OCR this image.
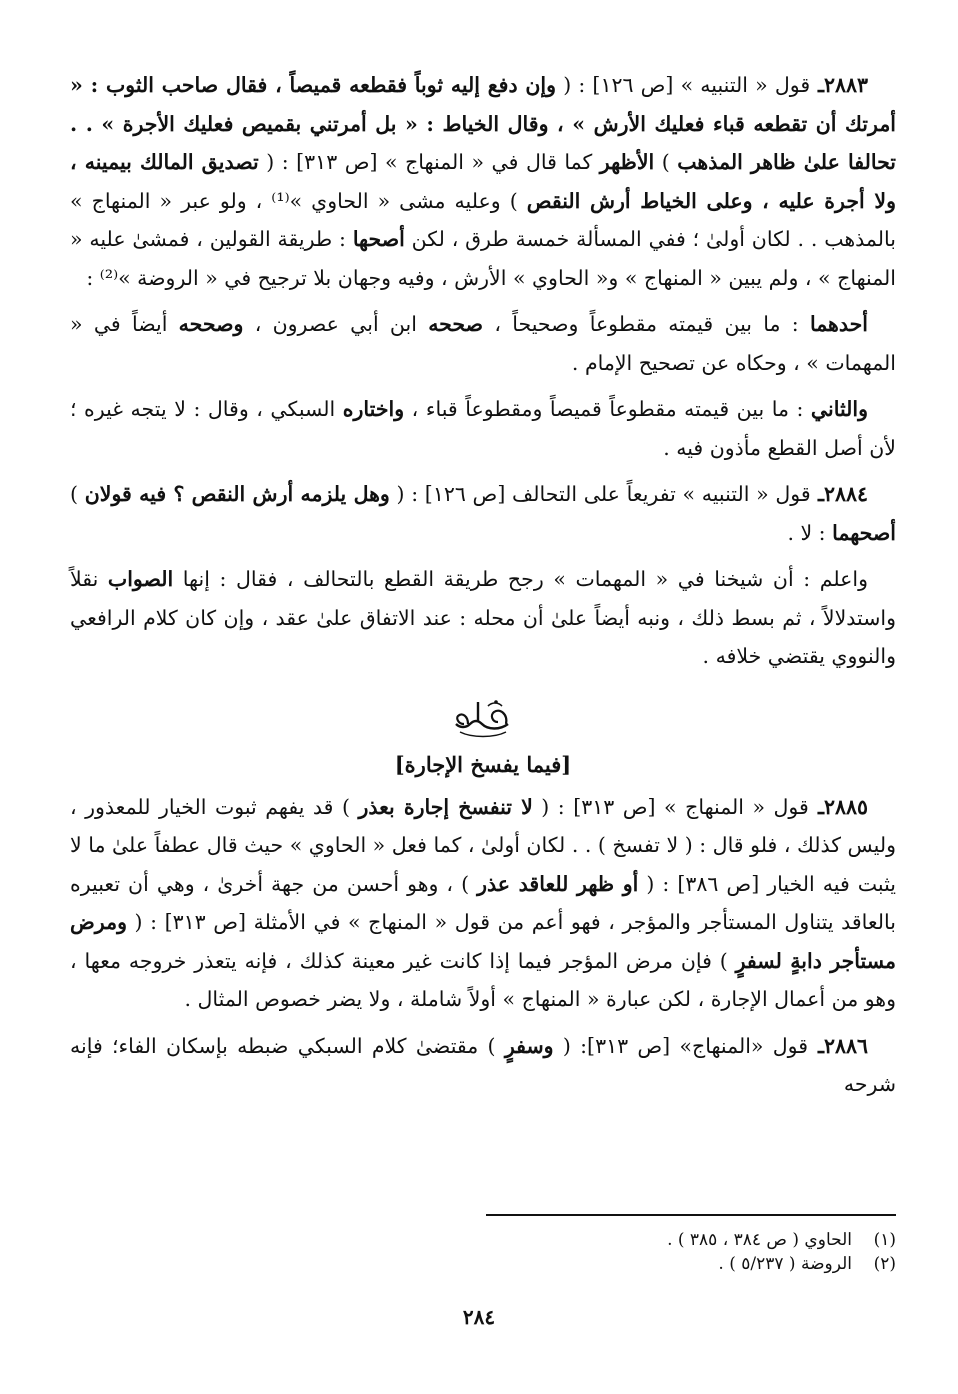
٢٨٨٣ـ قول « التنبيه » [ص ١٢٦] : ( وإن دفع إليه ثوباً فقطعه قميصاً ، فقال صاحب الثوب : « أمرتك أن تقطعه قباء فعليك الأرش » ، وقال الخياط : « بل أمرتني بقميص فعليك الأجرة » . . تحالفا علىٰ ظاهر المذهب ) الأظهر كما قال في « المنهاج » [ص ٣١٣] : ( تصديق المالك بيمينه ، ولا أجرة عليه ، وعلى الخياط أرش النقص ) وعليه مشى « الحاوي »⁽¹⁾ ، ولو عبر « المنهاج » بالمذهب . . لكان أولىٰ ؛ ففي المسألة خمسة طرق ، لكن أصحها : طريقة القولين ، فمشىٰ عليه « المنهاج » ، ولم يبين « المنهاج » و« الحاوي » الأرش ، وفيه وجهان بلا ترجيح في « الروضة »⁽²⁾ :

أحدهما : ما بين قيمته مقطوعاً وصحيحاً ، صححه ابن أبي عصرون ، وصححه أيضاً في « المهمات » ، وحكاه عن تصحيح الإمام .

والثاني : ما بين قيمته مقطوعاً قميصاً ومقطوعاً قباء ، واختاره السبكي ، وقال : لا يتجه غيره ؛ لأن أصل القطع مأذون فيه .

٢٨٨٤ـ قول « التنبيه » تفريعاً على التحالف [ص ١٢٦] : ( وهل يلزمه أرش النقص ؟ فيه قولان ) أصحهما : لا .

واعلم : أن شيخنا في « المهمات » رجح طريقة القطع بالتحالف ، فقال : إنها الصواب نقلاً واستدلالاً ، ثم بسط ذلك ، ونبه أيضاً علىٰ أن محله : عند الاتفاق علىٰ عقد ، وإن كان كلام الرافعي والنووي يقتضي خلافه .

[فيما يفسخ الإجارة]

٢٨٨٥ـ قول « المنهاج » [ص ٣١٣] : ( لا تنفسخ إجارة بعذر ) قد يفهم ثبوت الخيار للمعذور ، وليس كذلك ، فلو قال : ( لا تفسخ ) . . لكان أولىٰ ، كما فعل « الحاوي » حيث قال عطفاً علىٰ ما لا يثبت فيه الخيار [ص ٣٨٦] : ( أو ظهر للعاقد عذر ) ، وهو أحسن من جهة أخرىٰ ، وهي أن تعبيره بالعاقد يتناول المستأجر والمؤجر ، فهو أعم من قول « المنهاج » في الأمثلة [ص ٣١٣] : ( ومرض مستأجر دابةٍ لسفرٍ ) فإن مرض المؤجر فيما إذا كانت غير معينة كذلك ، فإنه يتعذر خروجه معها ، وهو من أعمال الإجارة ، لكن عبارة « المنهاج » أولاً شاملة ، ولا يضر خصوص المثال .

٢٨٨٦ـ قول «المنهاج» [ص ٣١٣]: ( وسفرٍ ) مقتضىٰ كلام السبكي ضبطه بإسكان الفاء؛ فإنه شرحه

(١)
الحاوي ( ص ٣٨٤ ، ٣٨٥ ) .
(٢)
الروضة ( ٥/٢٣٧ ) .
٢٨٤
